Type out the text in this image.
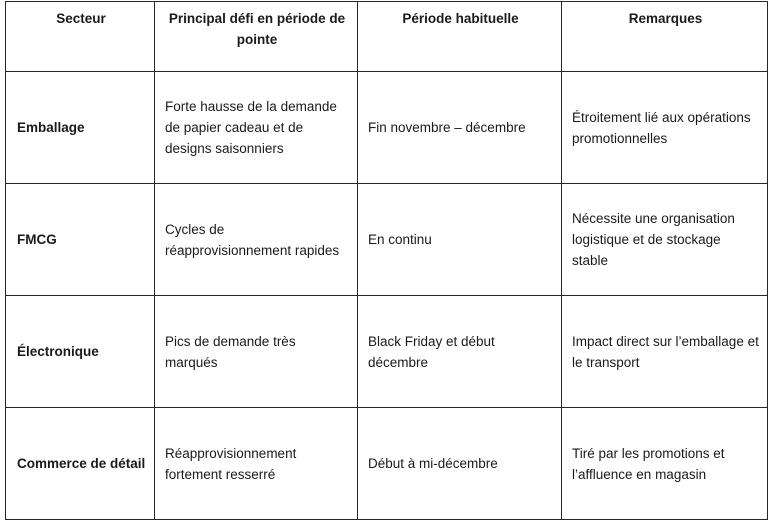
Secteur	Principal défi en période de pointe	Période habituelle	Remarques
Emballage	Forte hausse de la demande de papier cadeau et de designs saisonniers	Fin novembre – décembre	Étroitement lié aux opérations promotionnelles
FMCG	Cycles de réapprovisionnement rapides	En continu	Nécessite une organisation logistique et de stockage stable
Électronique	Pics de demande très marqués	Black Friday et début décembre	Impact direct sur l’emballage et le transport
Commerce de détail	Réapprovisionnement fortement resserré	Début à mi-décembre	Tiré par les promotions et l’affluence en magasin
